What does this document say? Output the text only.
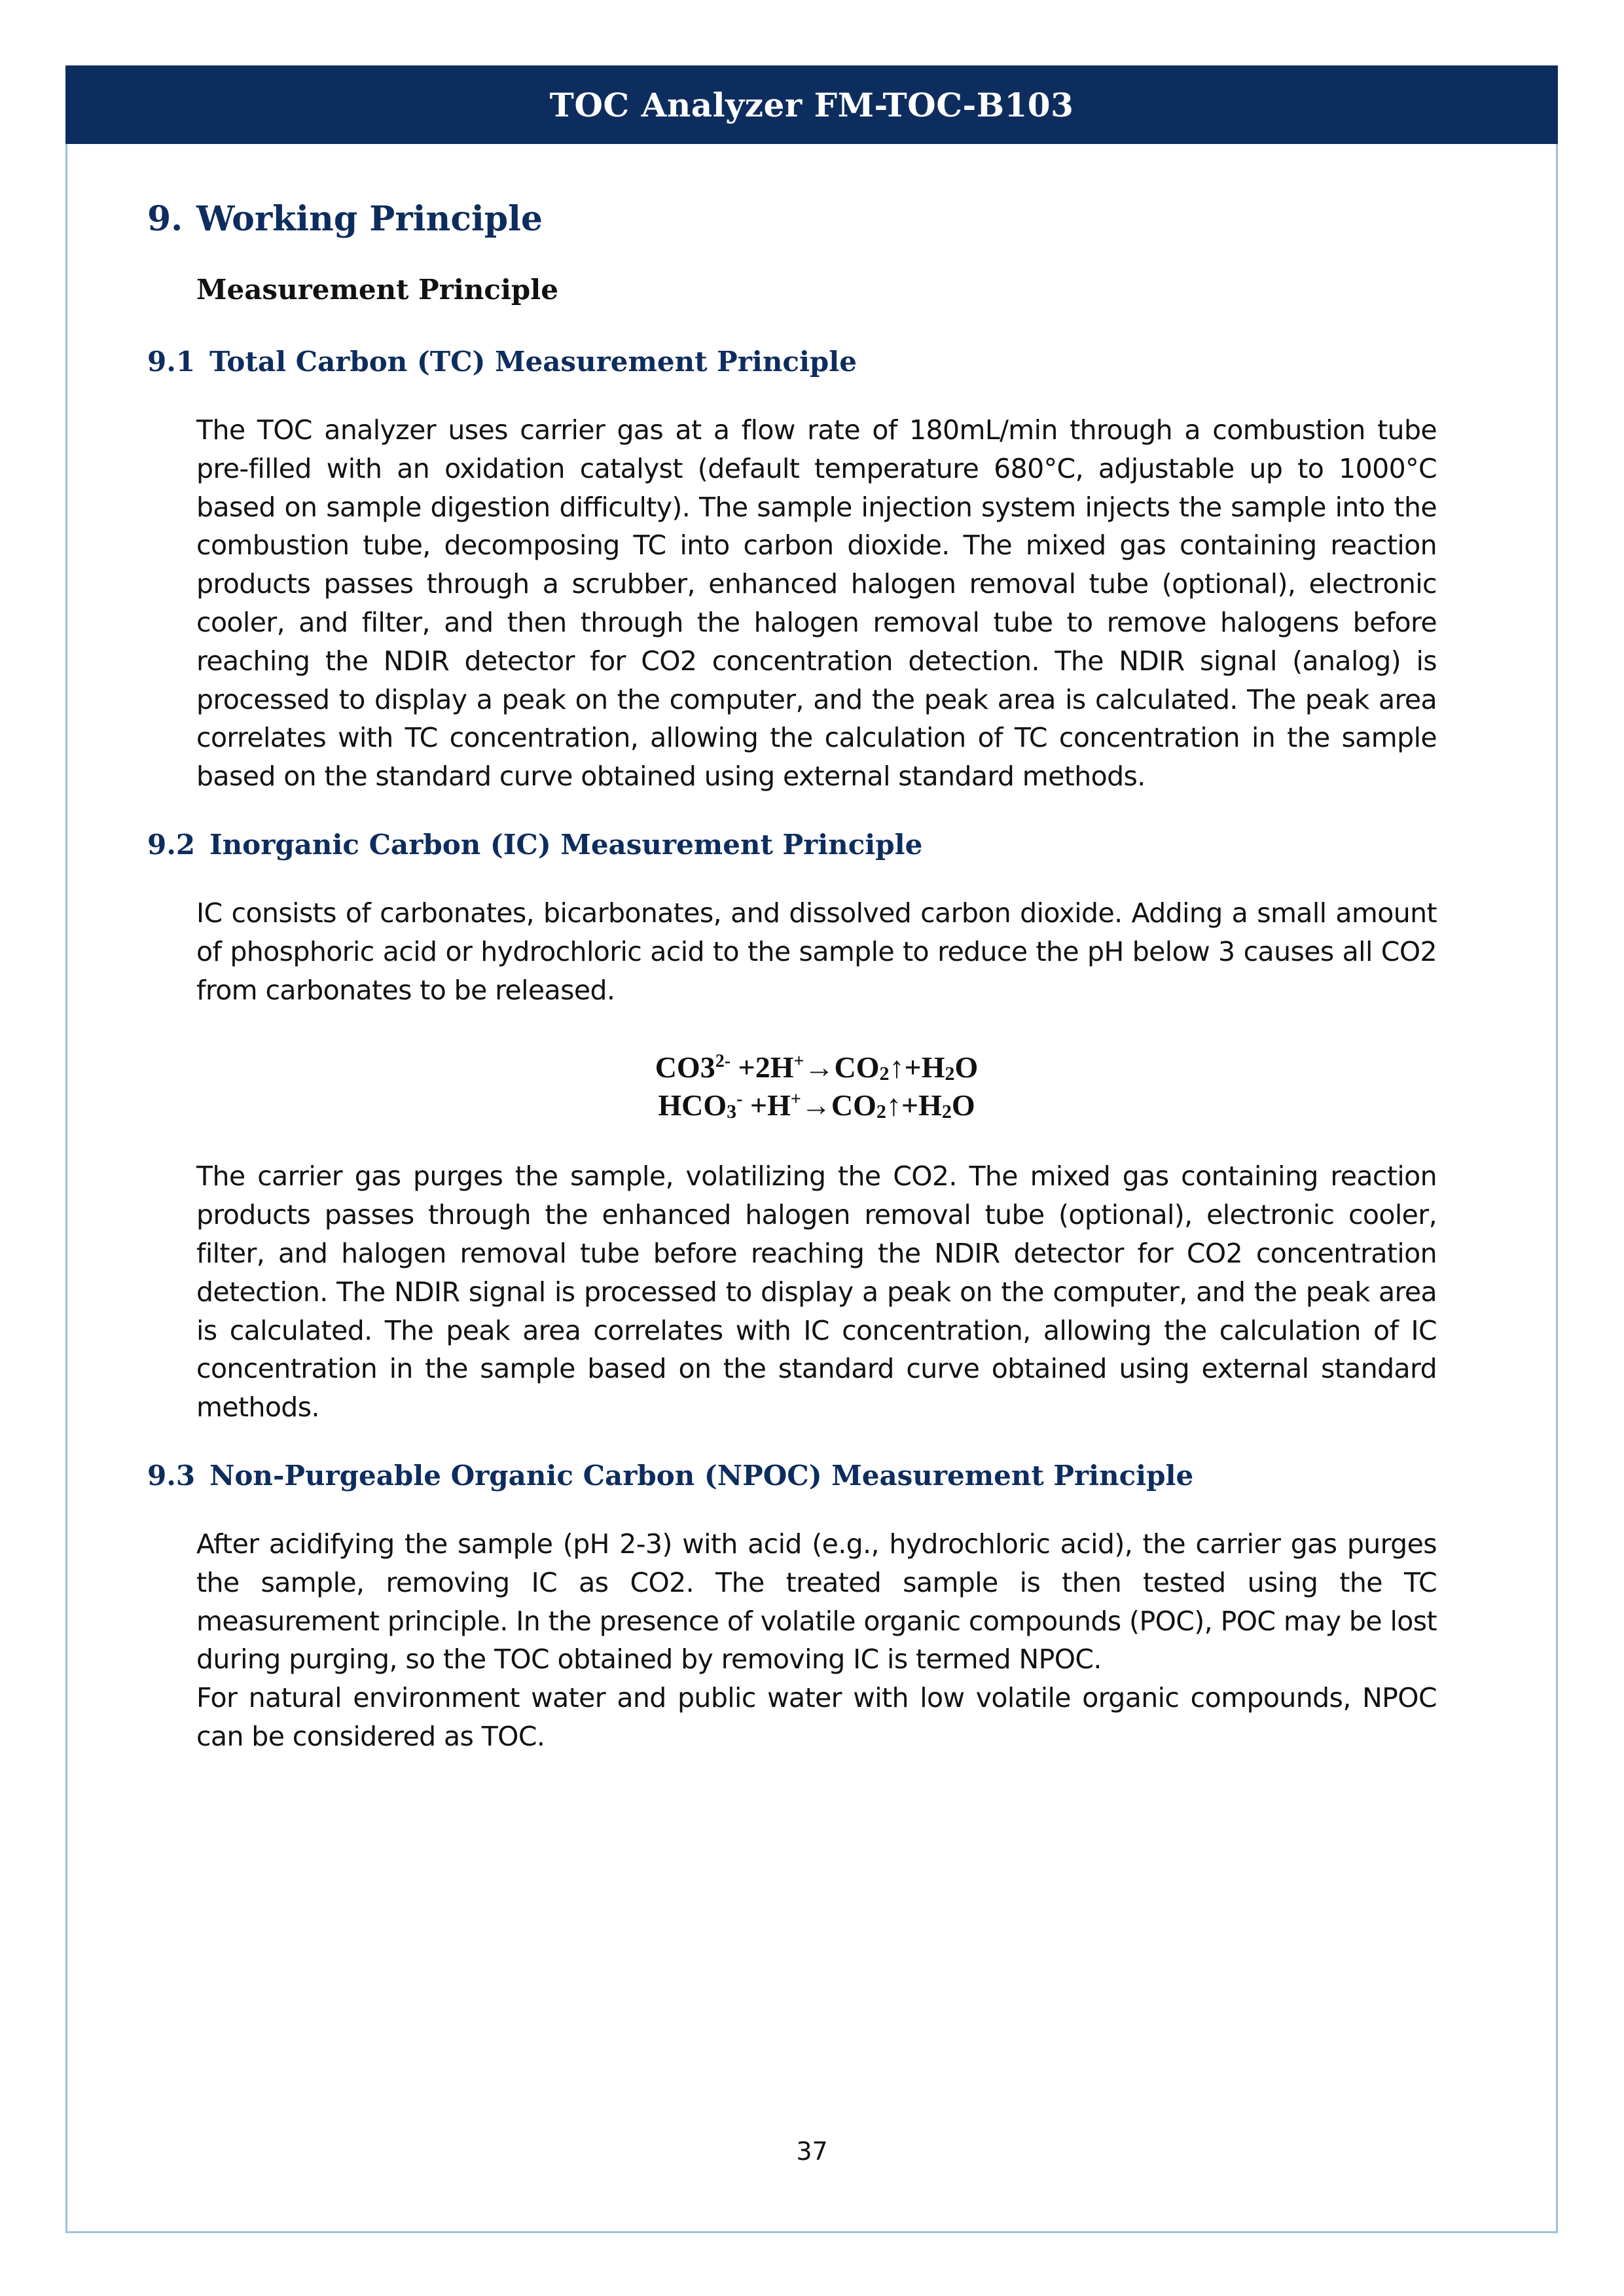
TOC Analyzer FM-TOC-B103
9. Working Principle
Measurement Principle
9.1 Total Carbon (TC) Measurement Principle

The TOC analyzer uses carrier gas at a flow rate of 180mL/min through a combustion tube pre-filled with an oxidation catalyst (default temperature 680°C, adjustable up to 1000°C based on sample digestion difficulty). The sample injection system injects the sample into the combustion tube, decomposing TC into carbon dioxide. The mixed gas containing reaction products passes through a scrubber, enhanced halogen removal tube (optional), electronic cooler, and filter, and then through the halogen removal tube to remove halogens before reaching the NDIR detector for CO2 concentration detection. The NDIR signal (analog) is processed to display a peak on the computer, and the peak area is calculated. The peak area correlates with TC concentration, allowing the calculation of TC concentration in the sample based on the standard curve obtained using external standard methods.

9.2 Inorganic Carbon (IC) Measurement Principle

IC consists of carbonates, bicarbonates, and dissolved carbon dioxide. Adding a small amount of phosphoric acid or hydrochloric acid to the sample to reduce the pH below 3 causes all CO2 from carbonates to be released.

$CO3^{2-}$ $+2H^+\to CO_2↑+H_2O$
$HCO_3^-$ $+H^+\to CO_2↑+H_2O$

The carrier gas purges the sample, volatilizing the CO2. The mixed gas containing reaction products passes through the enhanced halogen removal tube (optional), electronic cooler, filter, and halogen removal tube before reaching the NDIR detector for CO2 concentration detection. The NDIR signal is processed to display a peak on the computer, and the peak area is calculated. The peak area correlates with IC concentration, allowing the calculation of IC concentration in the sample based on the standard curve obtained using external standard methods.

9.3 Non-Purgeable Organic Carbon (NPOC) Measurement Principle

After acidifying the sample (pH 2-3) with acid (e.g., hydrochloric acid), the carrier gas purges the sample, removing IC as CO2. The treated sample is then tested using the TC measurement principle. In the presence of volatile organic compounds (POC), POC may be lost during purging, so the TOC obtained by removing IC is termed NPOC.

For natural environment water and public water with low volatile organic compounds, NPOC can be considered as TOC.

37
